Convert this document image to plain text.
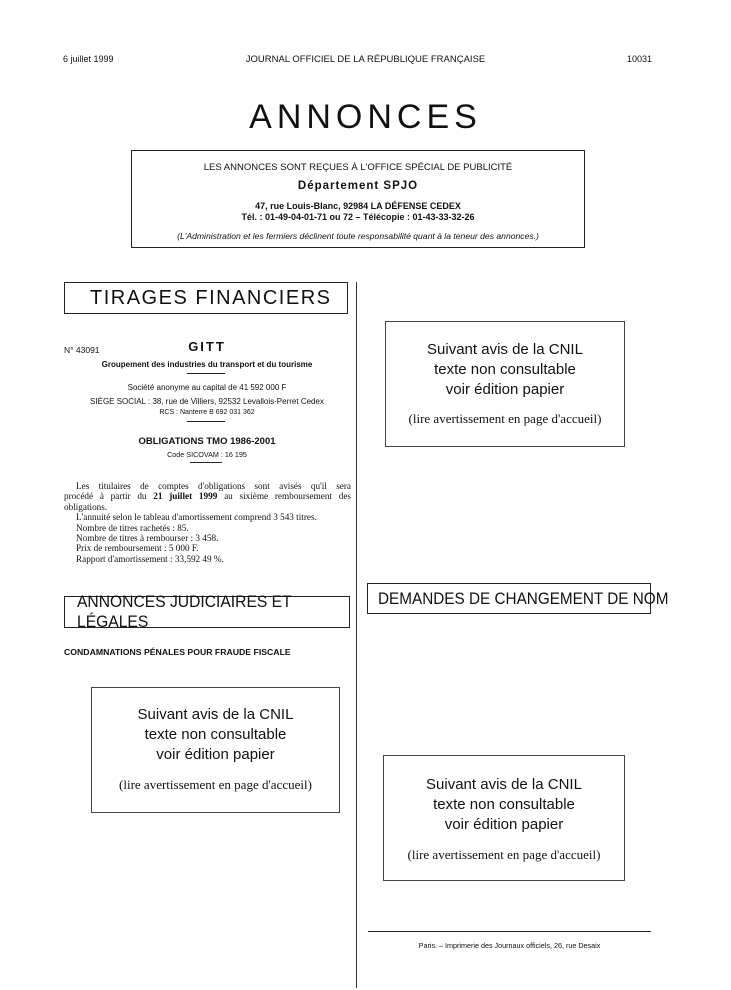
6 juillet 1999	JOURNAL OFFICIEL DE LA RÉPUBLIQUE FRANÇAISE	10031
ANNONCES
LES ANNONCES SONT REÇUES À L'OFFICE SPÉCIAL DE PUBLICITÉ
Département SPJO
47, rue Louis-Blanc, 92984 LA DÉFENSE CEDEX
Tél. : 01-49-04-01-71 ou 72 – Télécopie : 01-43-33-32-26
(L'Administration et les fermiers déclinent toute responsabilité quant à la teneur des annonces.)
TIRAGES FINANCIERS
N° 43091	GITT
Groupement des industries du transport et du tourisme
Société anonyme au capital de 41 592 000 F
SIÈGE SOCIAL : 38, rue de Villiers, 92532 Levallois-Perret Cedex
RCS : Nanterre B 692 031 362
OBLIGATIONS TMO 1986-2001
Code SICOVAM : 16 195
Les titulaires de comptes d'obligations sont avisés qu'il sera
procédé à partir du 21 juillet 1999 au sixième remboursement des
obligations.
L'annuité selon le tableau d'amortissement comprend 3 543 titres.
Nombre de titres rachetés : 85.
Nombre de titres à rembourser : 3 458.
Prix de remboursement : 5 000 F.
Rapport d'amortissement : 33,592 49 %.
ANNONCES JUDICIAIRES ET LÉGALES
CONDAMNATIONS PÉNALES POUR FRAUDE FISCALE
Suivant avis de la CNIL
texte non consultable
voir édition papier
(lire avertissement en page d'accueil)
Suivant avis de la CNIL
texte non consultable
voir édition papier
(lire avertissement en page d'accueil)
DEMANDES DE CHANGEMENT DE NOM
Suivant avis de la CNIL
texte non consultable
voir édition papier
(lire avertissement en page d'accueil)
Paris. – Imprimerie des Journaux officiels, 26, rue Desaix
